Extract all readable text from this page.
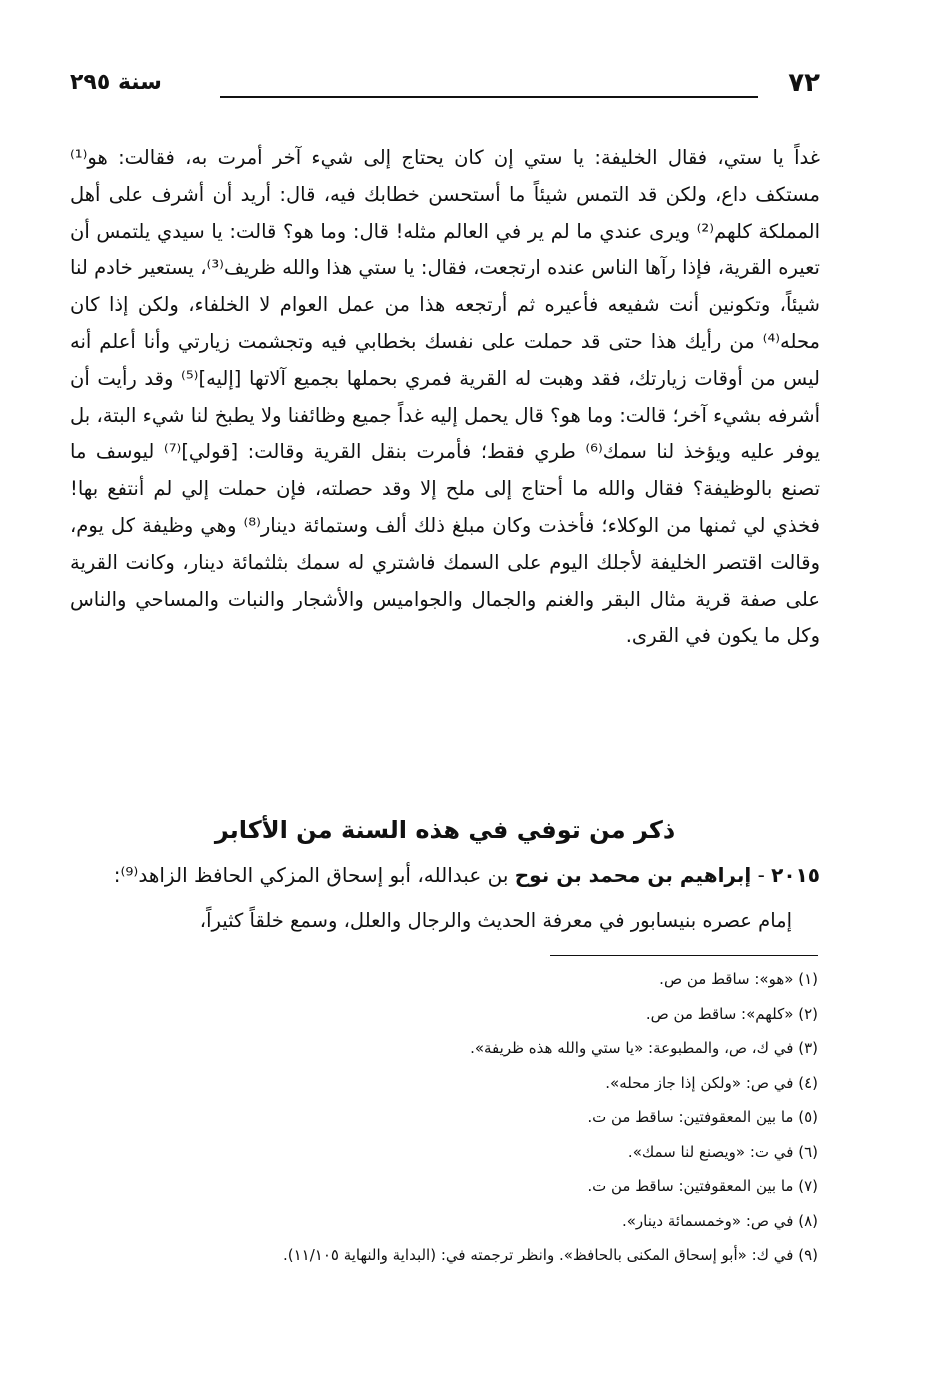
٧٢
سنة ٢٩٥

غداً يا ستي، فقال الخليفة: يا ستي إن كان يحتاج إلى شيء آخر أمرت به، فقالت: هو⁽¹⁾ مستكف داع، ولكن قد التمس شيئاً ما أستحسن خطابك فيه، قال: أريد أن أشرف على أهل المملكة كلهم⁽²⁾ ويرى عندي ما لم ير في العالم مثله! قال: وما هو؟ قالت: يا سيدي يلتمس أن تعيره القرية، فإذا رآها الناس عنده ارتجعت، فقال: يا ستي هذا والله ظريف⁽³⁾، يستعير خادم لنا شيئاً، وتكونين أنت شفيعه فأعيره ثم أرتجعه هذا من عمل العوام لا الخلفاء، ولكن إذا كان محله⁽⁴⁾ من رأيك هذا حتى قد حملت على نفسك بخطابي فيه وتجشمت زيارتي وأنا أعلم أنه ليس من أوقات زيارتك، فقد وهبت له القرية فمري بحملها بجميع آلاتها [إليه]⁽⁵⁾ وقد رأيت أن أشرفه بشيء آخر؛ قالت: وما هو؟ قال يحمل إليه غداً جميع وظائفنا ولا يطبخ لنا شيء البتة، بل يوفر عليه ويؤخذ لنا سمك⁽⁶⁾ طري فقط؛ فأمرت بنقل القرية وقالت: [قولي]⁽⁷⁾ ليوسف ما تصنع بالوظيفة؟ فقال والله ما أحتاج إلى ملح إلا وقد حصلته، فإن حملت إلي لم أنتفع بها! فخذي لي ثمنها من الوكلاء؛ فأخذت وكان مبلغ ذلك ألف وستمائة دينار⁽⁸⁾ وهي وظيفة كل يوم، وقالت اقتصر الخليفة لأجلك اليوم على السمك فاشتري له سمك بثلثمائة دينار، وكانت القرية على صفة قرية مثال البقر والغنم والجمال والجواميس والأشجار والنبات والمساحي والناس وكل ما يكون في القرى.

ذكر من توفي في هذه السنة من الأكابر

٢٠١٥ - إبراهيم بن محمد بن نوح بن عبدالله، أبو إسحاق المزكي الحافظ الزاهد⁽⁹⁾:

إمام عصره بنيسابور في معرفة الحديث والرجال والعلل، وسمع خلقاً كثيراً،

(١) «هو»: ساقط من ص.
(٢) «كلهم»: ساقط من ص.
(٣) في ك، ص، والمطبوعة: «يا ستي والله هذه ظريفة».
(٤) في ص: «ولكن إذا جاز محله».
(٥) ما بين المعقوفتين: ساقط من ت.
(٦) في ت: «ويصنع لنا سمك».
(٧) ما بين المعقوفتين: ساقط من ت.
(٨) في ص: «وخمسمائة دينار».
(٩) في ك: «أبو إسحاق المكنى بالحافظ». وانظر ترجمته في: (البداية والنهاية ١١/١٠٥).
